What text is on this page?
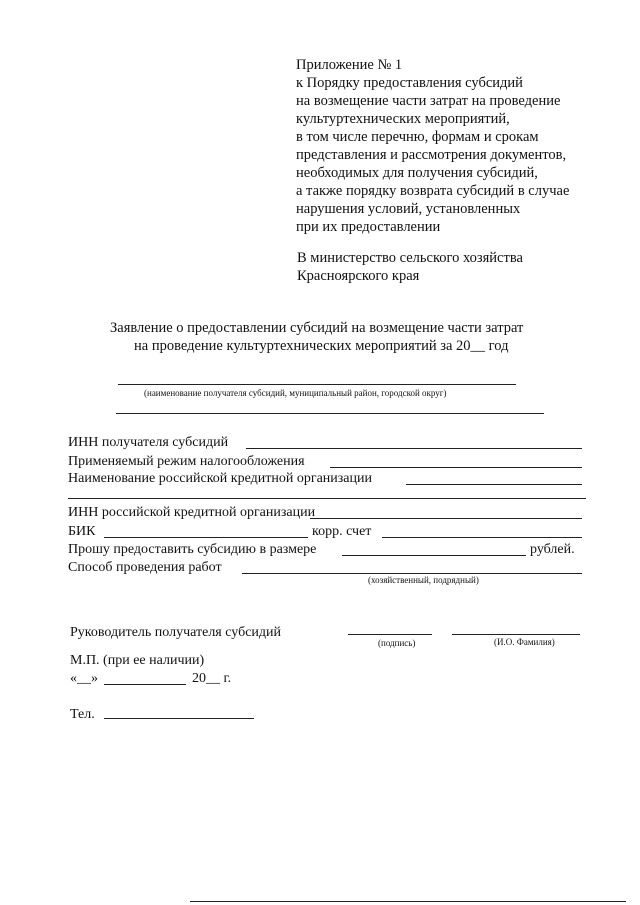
Приложение № 1
к Порядку предоставления субсидий
на возмещение части затрат на проведение
культуртехнических мероприятий,
в том числе перечню, формам и срокам
представления и рассмотрения документов,
необходимых для получения субсидий,
а также порядку возврата субсидий в случае
нарушения условий, установленных
при их предоставлении
В министерство сельского хозяйства
Красноярского края
Заявление о предоставлении субсидий на возмещение части затрат
на проведение культуртехнических мероприятий за 20__ год
(наименование получателя субсидий, муниципальный район, городской округ)
ИНН получателя субсидий
Применяемый режим налогообложения
Наименование российской кредитной организации
ИНН российской кредитной организации
БИК	корр. счет
Прошу предоставить субсидию в размере	рублей.
Способ проведения работ
(хозяйственный, подрядный)
Руководитель получателя субсидий
(подпись)	(И.О. Фамилия)
М.П. (при ее наличии)
«__»	20__ г.
Тел.
